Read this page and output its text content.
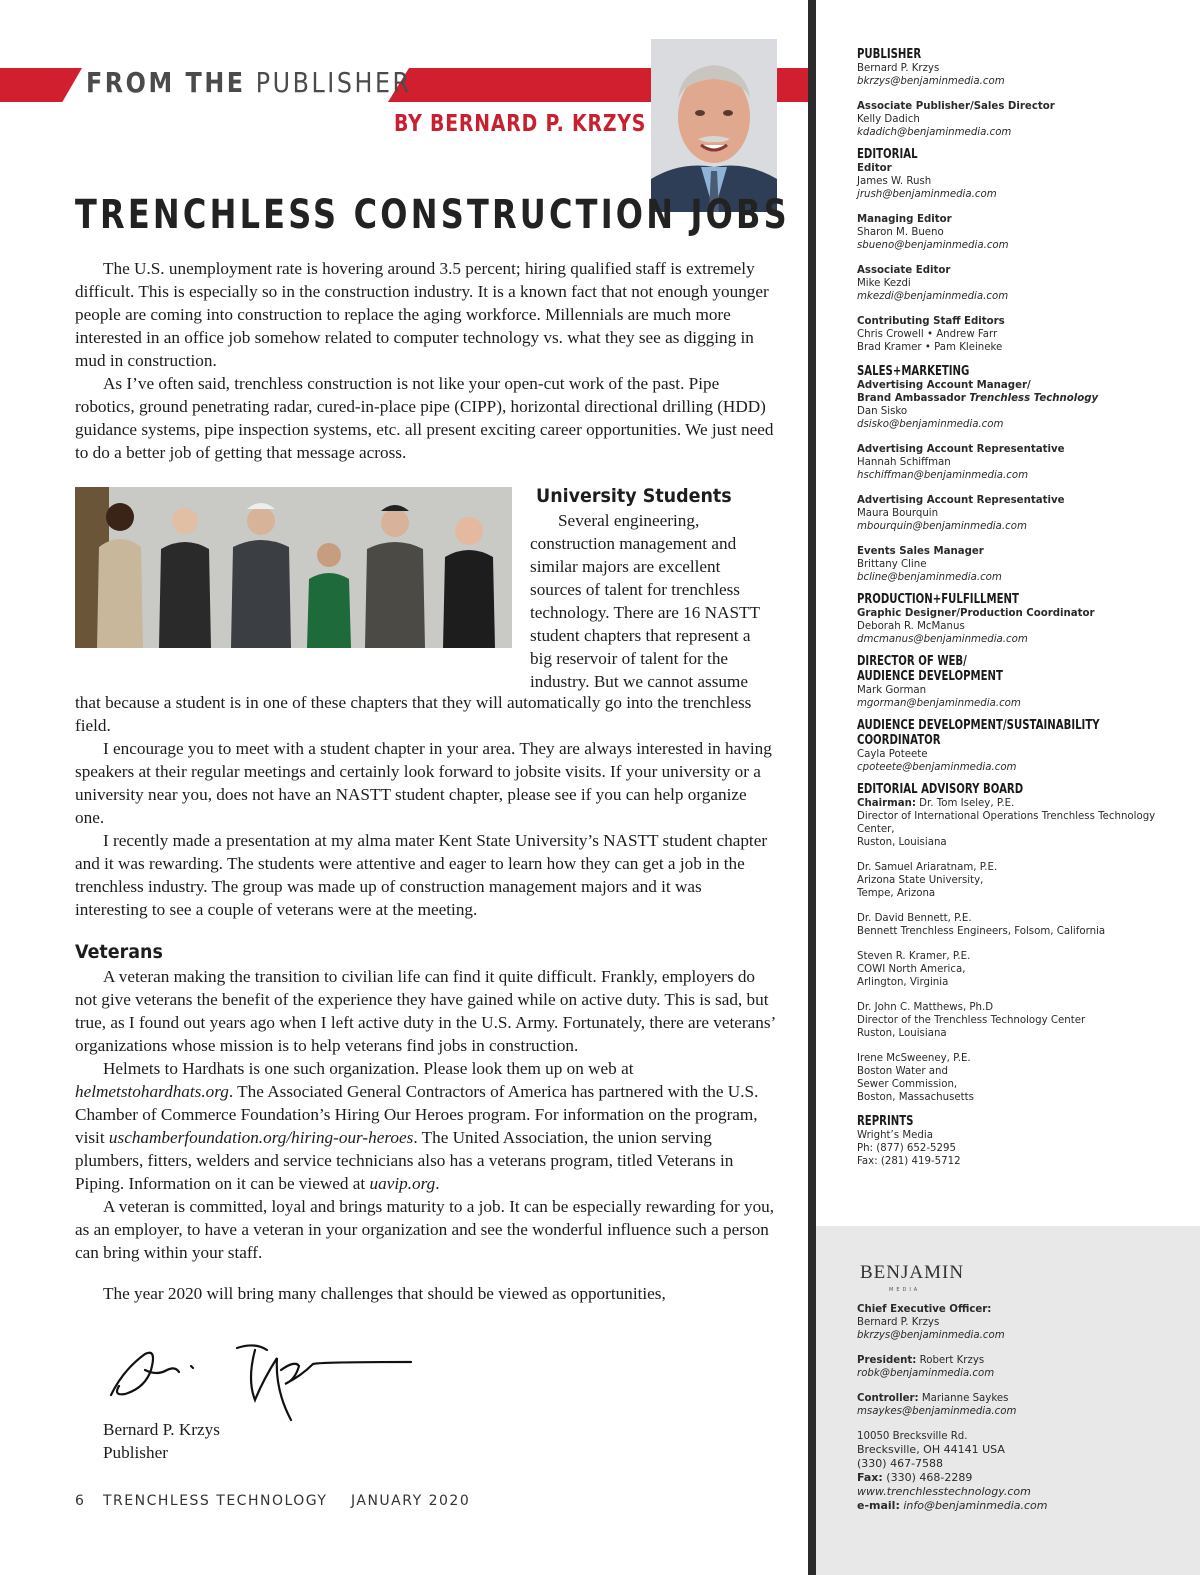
FROM THE PUBLISHER
BY BERNARD P. KRZYS
TRENCHLESS CONSTRUCTION JOBS

The U.S. unemployment rate is hovering around 3.5 percent; hiring qualified staff is extremely difficult. This is especially so in the construction industry. It is a known fact that not enough younger people are coming into construction to replace the aging workforce. Millennials are much more interested in an office job somehow related to computer technology vs. what they see as digging in mud in construction.

As I’ve often said, trenchless construction is not like your open-cut work of the past. Pipe robotics, ground penetrating radar, cured-in-place pipe (CIPP), horizontal directional drilling (HDD) guidance systems, pipe inspection systems, etc. all present exciting career opportunities. We just need to do a better job of getting that message across.

University Students
Several engineering,
construction management and
similar majors are excellent
sources of talent for trenchless
technology. There are 16 NASTT
student chapters that represent a
big reservoir of talent for the
industry. But we cannot assume

that because a student is in one of these chapters that they will automatically go into the trenchless field.

I encourage you to meet with a student chapter in your area. They are always interested in having speakers at their regular meetings and certainly look forward to jobsite visits. If your university or a university near you, does not have an NASTT student chapter, please see if you can help organize one.

I recently made a presentation at my alma mater Kent State University’s NASTT student chapter and it was rewarding. The students were attentive and eager to learn how they can get a job in the trenchless industry. The group was made up of construction management majors and it was interesting to see a couple of veterans were at the meeting.

Veterans

A veteran making the transition to civilian life can find it quite difficult. Frankly, employers do not give veterans the benefit of the experience they have gained while on active duty. This is sad, but true, as I found out years ago when I left active duty in the U.S. Army. Fortunately, there are veterans’ organizations whose mission is to help veterans find jobs in construction.

Helmets to Hardhats is one such organization. Please look them up on web at helmetstohardhats.org. The Associated General Contractors of America has partnered with the U.S. Chamber of Commerce Foundation’s Hiring Our Heroes program. For information on the program, visit uschamberfoundation.org/hiring-our-heroes. The United Association, the union serving plumbers, fitters, welders and service technicians also has a veterans program, titled Veterans in Piping. Information on it can be viewed at uavip.org.

A veteran is committed, loyal and brings maturity to a job. It can be especially rewarding for you, as an employer, to have a veteran in your organization and see the wonderful influence such a person can bring within your staff.

The year 2020 will bring many challenges that should be viewed as opportunities,

Bernard P. Krzys
Publisher
6 TRENCHLESS TECHNOLOGY JANUARY 2020
PUBLISHER
Bernard P. Krzys
bkrzys@benjaminmedia.com
Associate Publisher/Sales Director
Kelly Dadich
kdadich@benjaminmedia.com
EDITORIAL
Editor
James W. Rush
jrush@benjaminmedia.com
Managing Editor
Sharon M. Bueno
sbueno@benjaminmedia.com
Associate Editor
Mike Kezdi
mkezdi@benjaminmedia.com
Contributing Staff Editors
Chris Crowell • Andrew Farr
Brad Kramer • Pam Kleineke
SALES+MARKETING
Advertising Account Manager/
Brand Ambassador Trenchless Technology
Dan Sisko
dsisko@benjaminmedia.com
Advertising Account Representative
Hannah Schiffman
hschiffman@benjaminmedia.com
Advertising Account Representative
Maura Bourquin
mbourquin@benjaminmedia.com
Events Sales Manager
Brittany Cline
bcline@benjaminmedia.com
PRODUCTION+FULFILLMENT
Graphic Designer/Production Coordinator
Deborah R. McManus
dmcmanus@benjaminmedia.com
DIRECTOR OF WEB/
AUDIENCE DEVELOPMENT
Mark Gorman
mgorman@benjaminmedia.com
AUDIENCE DEVELOPMENT/SUSTAINABILITY
COORDINATOR
Cayla Poteete
cpoteete@benjaminmedia.com
EDITORIAL ADVISORY BOARD
Chairman: Dr. Tom Iseley, P.E.
Director of International Operations Trenchless Technology
Center,
Ruston, Louisiana
Dr. Samuel Ariaratnam, P.E.
Arizona State University,
Tempe, Arizona
Dr. David Bennett, P.E.
Bennett Trenchless Engineers, Folsom, California
Steven R. Kramer, P.E.
COWI North America,
Arlington, Virginia
Dr. John C. Matthews, Ph.D
Director of the Trenchless Technology Center
Ruston, Louisiana
Irene McSweeney, P.E.
Boston Water and
Sewer Commission,
Boston, Massachusetts
REPRINTS
Wright’s Media
Ph: (877) 652-5295
Fax: (281) 419-5712
BENJAMIN
MEDIA
Chief Executive Officer:
Bernard P. Krzys
bkrzys@benjaminmedia.com
President: Robert Krzys
robk@benjaminmedia.com
Controller: Marianne Saykes
msaykes@benjaminmedia.com
10050 Brecksville Rd.
Brecksville, OH 44141 USA
(330) 467-7588
Fax: (330) 468-2289
www.trenchlesstechnology.com
e-mail: info@benjaminmedia.com
